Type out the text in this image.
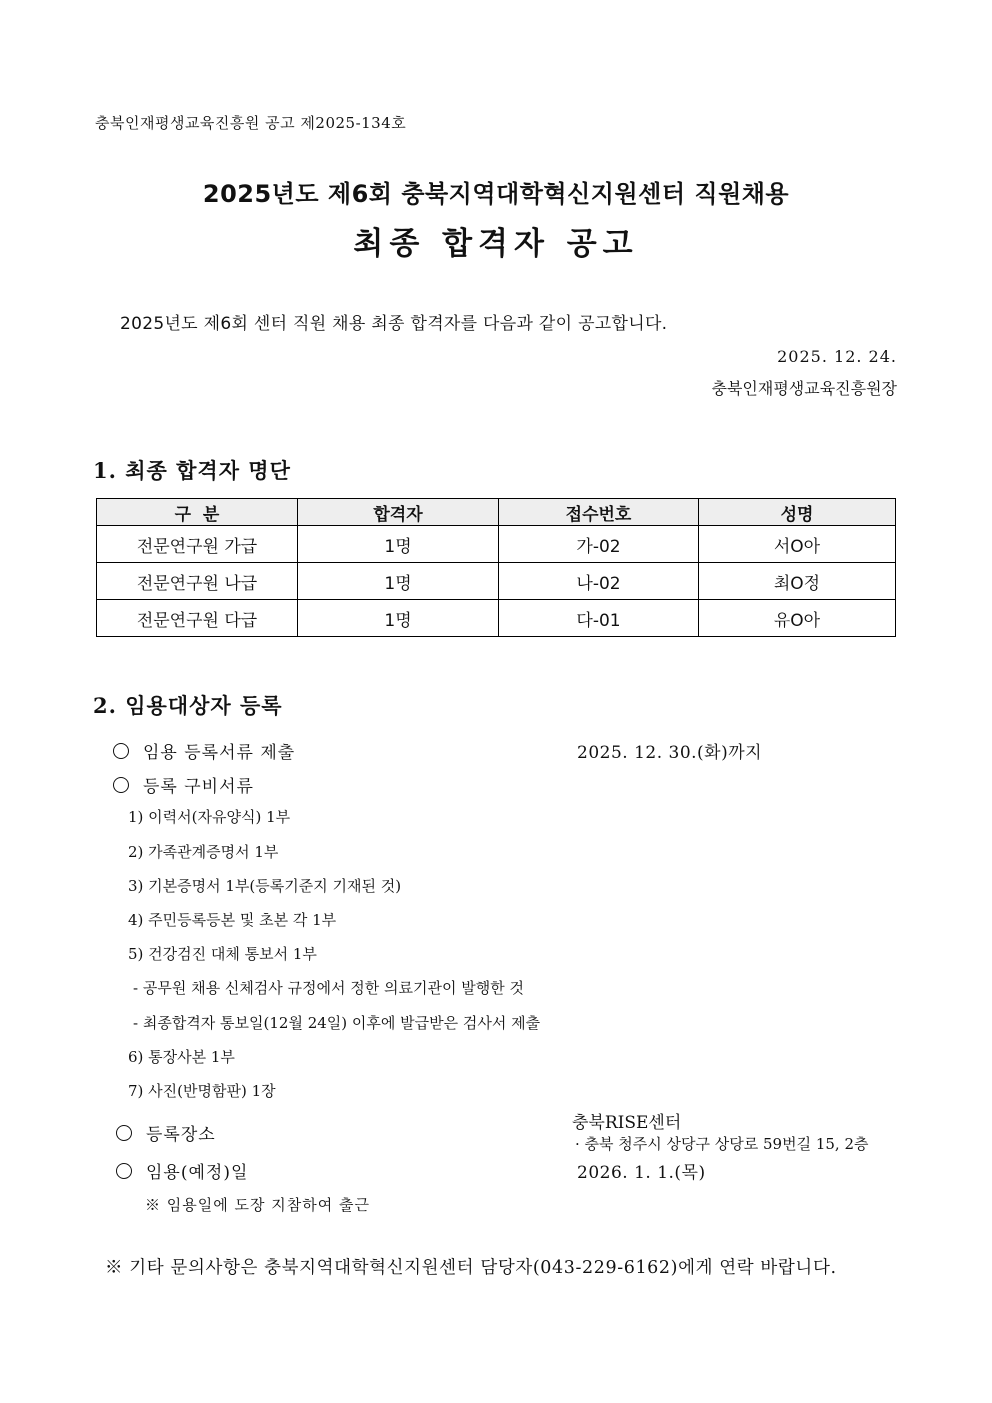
충북인재평생교육진흥원 공고 제2025-134호
2025년도 제6회 충북지역대학혁신지원센터 직원채용
최종 합격자 공고
2025년도 제6회 센터 직원 채용 최종 합격자를 다음과 같이 공고합니다.
2025. 12. 24.
충북인재평생교육진흥원장
1. 최종 합격자 명단
구  분	합격자	접수번호	성명
전문연구원 가급	1명	가-02	서O아
전문연구원 나급	1명	나-02	최O정
전문연구원 다급	1명	다-01	유O아
2. 임용대상자 등록
임용 등록서류 제출	2025. 12. 30.(화)까지
등록 구비서류
1) 이력서(자유양식) 1부
2) 가족관계증명서 1부
3) 기본증명서 1부(등록기준지 기재된 것)
4) 주민등록등본 및 초본 각 1부
5) 건강검진 대체 통보서 1부
- 공무원 채용 신체검사 규정에서 정한 의료기관이 발행한 것
- 최종합격자 통보일(12월 24일) 이후에 발급받은 검사서 제출
6) 통장사본 1부
7) 사진(반명함판) 1장
등록장소
충북RISE센터
· 충북 청주시 상당구 상당로 59번길 15, 2층
임용(예정)일	2026. 1. 1.(목)
※ 임용일에 도장 지참하여 출근
※ 기타 문의사항은 충북지역대학혁신지원센터 담당자(043-229-6162)에게 연락 바랍니다.
